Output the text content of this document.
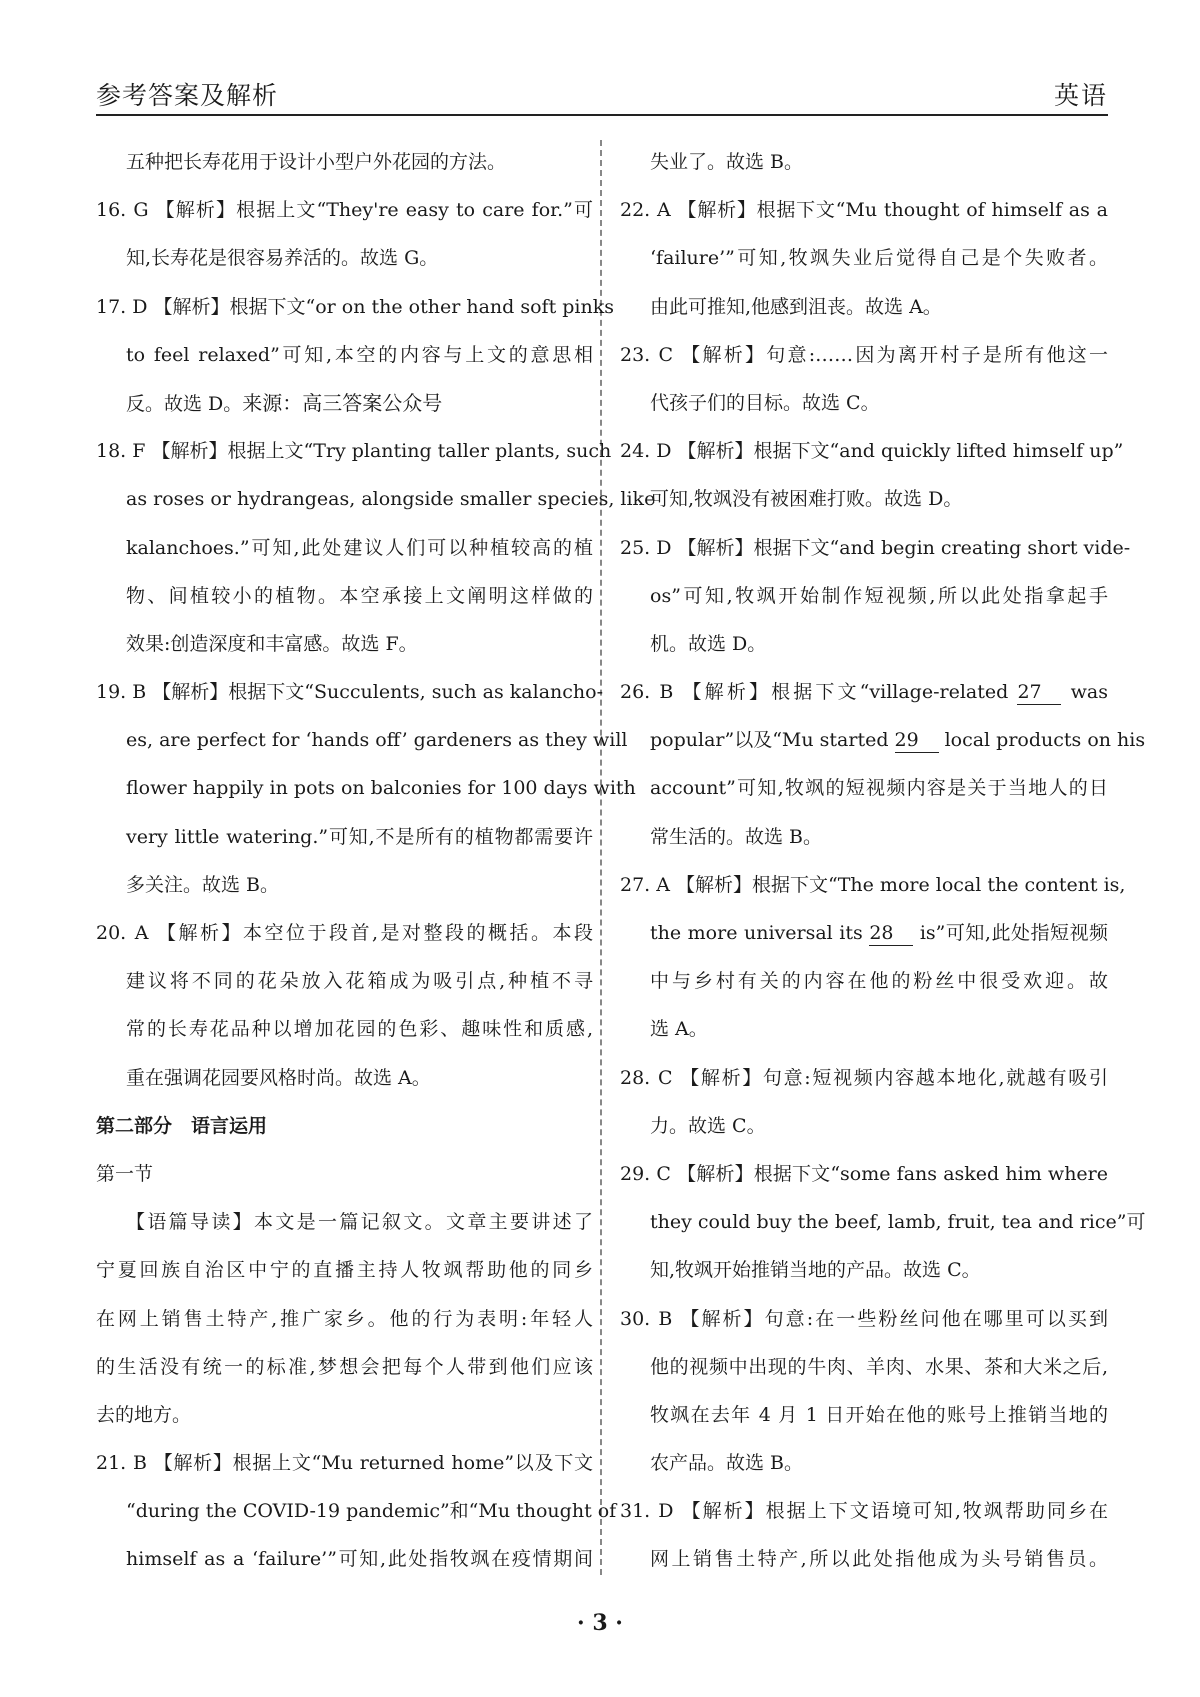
参考答案及解析	英语
五种把长寿花用于设计小型户外花园的方法。
16. G 【解析】根据上文“They're easy to care for.”可
知,长寿花是很容易养活的。故选 G。
17. D 【解析】根据下文“or on the other hand soft pinks
to feel relaxed”可知,本空的内容与上文的意思相
反。故选 D。来源：高三答案公众号
18. F 【解析】根据上文“Try planting taller plants, such
as roses or hydrangeas, alongside smaller species, like
kalanchoes.”可知,此处建议人们可以种植较高的植
物、间植较小的植物。本空承接上文阐明这样做的
效果:创造深度和丰富感。故选 F。
19. B 【解析】根据下文“Succulents, such as kalancho-
es, are perfect for ‘hands off’ gardeners as they will
flower happily in pots on balconies for 100 days with
very little watering.”可知,不是所有的植物都需要许
多关注。故选 B。
20. A 【解析】本空位于段首,是对整段的概括。本段
建议将不同的花朵放入花箱成为吸引点,种植不寻
常的长寿花品种以增加花园的色彩、趣味性和质感,
重在强调花园要风格时尚。故选 A。
第二部分　语言运用
第一节
【语篇导读】本文是一篇记叙文。文章主要讲述了
宁夏回族自治区中宁的直播主持人牧飒帮助他的同乡
在网上销售土特产,推广家乡。他的行为表明:年轻人
的生活没有统一的标准,梦想会把每个人带到他们应该
去的地方。
21. B 【解析】根据上文“Mu returned home”以及下文
“during the COVID-19 pandemic”和“Mu thought of
himself as a ‘failure’”可知,此处指牧飒在疫情期间
失业了。故选 B。
22. A 【解析】根据下文“Mu thought of himself as a
‘failure’”可知,牧飒失业后觉得自己是个失败者。
由此可推知,他感到沮丧。故选 A。
23. C 【解析】句意:……因为离开村子是所有他这一
代孩子们的目标。故选 C。
24. D 【解析】根据下文“and quickly lifted himself up”
可知,牧飒没有被困难打败。故选 D。
25. D 【解析】根据下文“and begin creating short vide-
os”可知,牧飒开始制作短视频,所以此处指拿起手
机。故选 D。
26. B 【解析】根据下文“village-related 27 was
popular”以及“Mu started 29 local products on his
account”可知,牧飒的短视频内容是关于当地人的日
常生活的。故选 B。
27. A 【解析】根据下文“The more local the content is,
the more universal its 28 is”可知,此处指短视频
中与乡村有关的内容在他的粉丝中很受欢迎。故
选 A。
28. C 【解析】句意:短视频内容越本地化,就越有吸引
力。故选 C。
29. C 【解析】根据下文“some fans asked him where
they could buy the beef, lamb, fruit, tea and rice”可
知,牧飒开始推销当地的产品。故选 C。
30. B 【解析】句意:在一些粉丝问他在哪里可以买到
他的视频中出现的牛肉、羊肉、水果、茶和大米之后,
牧飒在去年 4 月 1 日开始在他的账号上推销当地的
农产品。故选 B。
31. D 【解析】根据上下文语境可知,牧飒帮助同乡在
网上销售土特产,所以此处指他成为头号销售员。
· 3 ·
